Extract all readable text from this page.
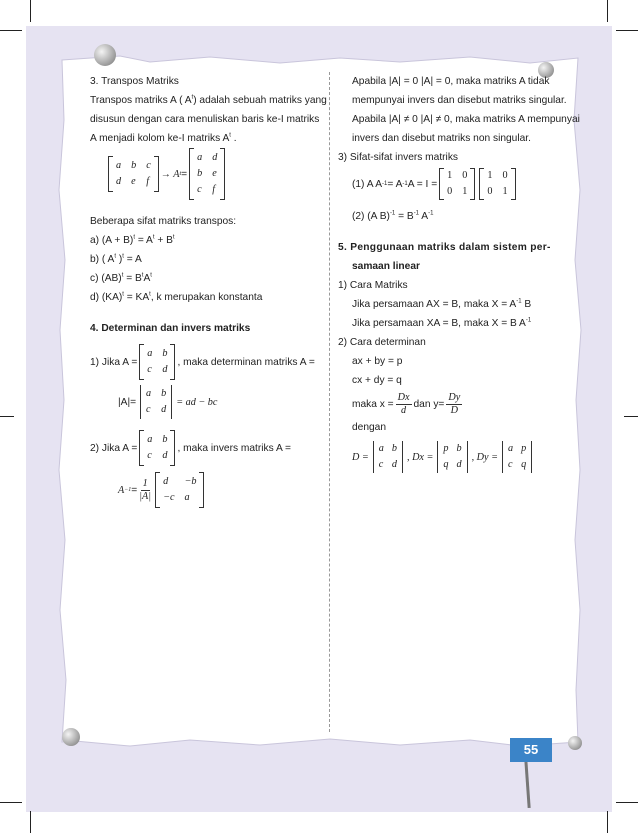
3. Transpos Matriks
Transpos matriks A ( $A^t$) adalah sebuah matriks yang
disusun dengan cara menuliskan baris ke-I matriks
A menjadi kolom ke-I matriks $A^t$ .
a b c
d e f
→ A t =
a d
b e
c f
Beberapa sifat matriks transpos:
a) $(A + B)^t = A^t + B^t$
b) ( $A^t$ )$^t$ = A
c) $(AB)^t = B^tA^t$
d) $(KA)^t = KA^t$, k merupakan konstanta
4. Determinan dan invers matriks
1) Jika A =
a b
c d
, maka determinan matriks A =
|A|=
a b
c d
= ad − bc
2) Jika A =
a b
c d
, maka invers matriks A =
$A -1 = \frac{1}{|A|}$ d	−b
−c a
Apabila |A| = 0 |A| = 0, maka matriks A tidak
mempunyai invers dan disebut matriks singular.
Apabila |A| ≠ 0 |A| ≠ 0, maka matriks A mempunyai
invers dan disebut matriks non singular.
3) Sifat-sifat invers matriks
(1) A A -1 = A -1 A = I =
1 0
0 1
1 0
0 1
(2) (A $B)^{-1} = B^{-1}$ $A^{-1}$
5. Penggunaan matriks dalam sistem per-
samaan linear
1) Cara Matriks
Jika persamaan AX = B, maka $X = A^{-1}$ B
Jika persamaan XA = B, maka X = B $A^{-1}$
2) Cara determinan
ax + by = p
cx + dy = q
maka $x = \frac{Dx}{d}$ dan $y= \frac{Dy}{D}$
dengan
D =
a b
c d
, Dx =
p b
q d
, Dy =
a p
c q
55
